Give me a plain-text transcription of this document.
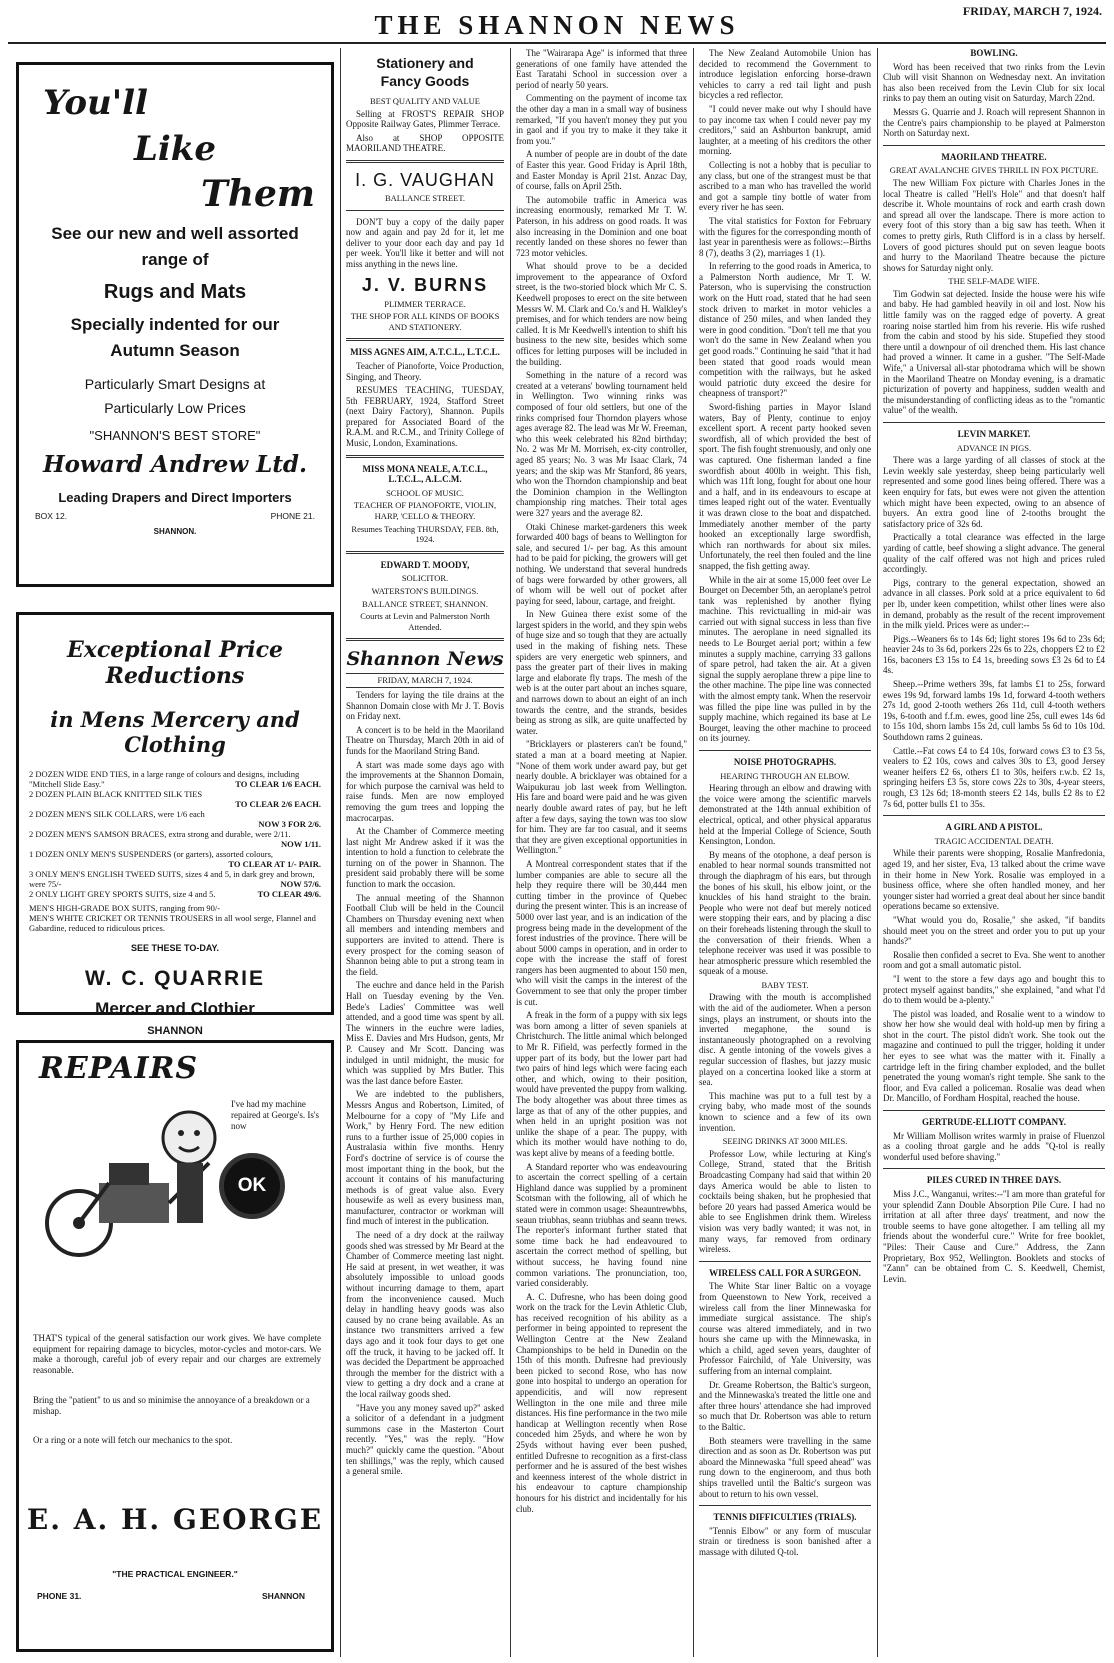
THE SHANNON NEWS	FRIDAY, MARCH 7, 1924.
You'll
Like
Them
See our new and well assorted range of
Rugs and Mats
Specially indented for our Autumn Season
Particularly Smart Designs at Particularly Low Prices
"SHANNON'S BEST STORE"
Howard Andrew Ltd.
Leading Drapers and Direct Importers
BOX 12.	PHONE 21.
SHANNON.
Exceptional Price Reductions
in Mens Mercery and Clothing
2 DOZEN WIDE END TIES, in a large range of colours and designs, including "Mitchell Slide Easy."	TO CLEAR 1/6 EACH.
2 DOZEN PLAIN BLACK KNITTED SILK TIES

TO CLEAR 2/6 EACH.
2 DOZEN MEN'S SILK COLLARS, were 1/6 each

NOW 3 FOR 2/6.
2 DOZEN MEN'S SAMSON BRACES, extra strong and durable, were 2/11.
NOW 1/11.
1 DOZEN ONLY MEN'S SUSPENDERS (or garters), assorted colours,
TO CLEAR AT 1/- PAIR.
3 ONLY MEN'S ENGLISH TWEED SUITS, sizes 4 and 5, in dark grey and brown, were 75/-	NOW 57/6.
2 ONLY LIGHT GREY SPORTS SUITS, size 4 and 5.	TO CLEAR 49/6.
MEN'S HIGH-GRADE BOX SUITS, ranging from 90/-
MEN'S WHITE CRICKET OR TENNIS TROUSERS in all wool serge, Flannel and Gabardine, reduced to ridiculous prices.
SEE THESE TO-DAY.
W. C. QUARRIE
Mercer and Clothier
SHANNON
REPAIRS
OK
I've had my machine repaired at George's. Is's now
THAT'S typical of the general satisfaction our work gives. We have complete equipment for repairing damage to bicycles, motor-cycles and motor-cars. We make a thorough, careful job of every repair and our charges are extremely reasonable.
Bring the "patient" to us and so minimise the annoyance of a breakdown or a mishap.
Or a ring or a note will fetch our mechanics to the spot.
E. A. H. GEORGE
"THE PRACTICAL ENGINEER."
PHONE 31.	SHANNON
Stationery and
Fancy Goods
BEST QUALITY AND VALUE

Selling at FROST'S REPAIR SHOP Opposite Railway Gates, Plimmer Terrace.

Also at SHOP OPPOSITE MAORILAND THEATRE.

I. G. VAUGHAN
BALLANCE STREET.

DON'T buy a copy of the daily paper now and again and pay 2d for it, let me deliver to your door each day and pay 1d per week. You'll like it better and will not miss anything in the news line.

J. V. BURNS
PLIMMER TERRACE.
THE SHOP FOR ALL KINDS OF BOOKS AND STATIONERY.
MISS AGNES AIM, A.T.C.L., L.T.C.L.

Teacher of Pianoforte, Voice Production, Singing, and Theory.

RESUMES TEACHING, TUESDAY, 5th FEBRUARY, 1924, Stafford Street (next Dairy Factory), Shannon. Pupils prepared for Associated Board of the R.A.M. and R.C.M., and Trinity College of Music, London, Examinations.

MISS MONA NEALE, A.T.C.L., L.T.C.L., A.L.C.M.
SCHOOL OF MUSIC.
TEACHER OF PIANOFORTE, VIOLIN, HARP, 'CELLO & THEORY.
Resumes Teaching THURSDAY, FEB. 8th, 1924.
EDWARD T. MOODY,
SOLICITOR.
WATERSTON'S BUILDINGS.
BALLANCE STREET, SHANNON.
Courts at Levin and Palmerston North Attended.
Shannon News
FRIDAY, MARCH 7, 1924.

Tenders for laying the tile drains at the Shannon Domain close with Mr J. T. Bovis on Friday next.

A concert is to be held in the Maoriland Theatre on Thursday, March 20th in aid of funds for the Maoriland String Band.

A start was made some days ago with the improvements at the Shannon Domain, for which purpose the carnival was held to raise funds. Men are now employed removing the gum trees and lopping the macrocarpas.

At the Chamber of Commerce meeting last night Mr Andrew asked if it was the intention to hold a function to celebrate the turning on of the power in Shannon. The president said probably there will be some function to mark the occasion.

The annual meeting of the Shannon Football Club will be held in the Council Chambers on Thursday evening next when all members and intending members and supporters are invited to attend. There is every prospect for the coming season of Shannon being able to put a strong team in the field.

The euchre and dance held in the Parish Hall on Tuesday evening by the Ven. Bede's Ladies' Committee was well attended, and a good time was spent by all. The winners in the euchre were ladies, Miss E. Davies and Mrs Hudson, gents, Mr P. Causey and Mr Scott. Dancing was indulged in until midnight, the music for which was supplied by Mrs Butler. This was the last dance before Easter.

We are indebted to the publishers, Messrs Angus and Robertson, Limited, of Melbourne for a copy of "My Life and Work," by Henry Ford. The new edition runs to a further issue of 25,000 copies in Australasia within five months. Henry Ford's doctrine of service is of course the most important thing in the book, but the account it contains of his manufacturing methods is of great value also. Every housewife as well as every business man, manufacturer, contractor or workman will find much of interest in the publication.

The need of a dry dock at the railway goods shed was stressed by Mr Beard at the Chamber of Commerce meeting last night. He said at present, in wet weather, it was absolutely impossible to unload goods without incurring damage to them, apart from the inconvenience caused. Much delay in handling heavy goods was also caused by no crane being available. As an instance two transmitters arrived a few days ago and it took four days to get one off the truck, it having to be jacked off. It was decided the Department be approached through the member for the district with a view to getting a dry dock and a crane at the local railway goods shed.

"Have you any money saved up?" asked a solicitor of a defendant in a judgment summons case in the Masterton Court recently. "Yes," was the reply. "How much?" quickly came the question. "About ten shillings," was the reply, which caused a general smile.

The "Wairarapa Age" is informed that three generations of one family have attended the East Taratahi School in succession over a period of nearly 50 years.

Commenting on the payment of income tax the other day a man in a small way of business remarked, "If you haven't money they put you in gaol and if you try to make it they take it from you."

A number of people are in doubt of the date of Easter this year. Good Friday is April 18th, and Easter Monday is April 21st. Anzac Day, of course, falls on April 25th.

The automobile traffic in America was increasing enormously, remarked Mr T. W. Paterson, in his address on good roads. It was also increasing in the Dominion and one boat recently landed on these shores no fewer than 723 motor vehicles.

What should prove to be a decided improvement to the appearance of Oxford street, is the two-storied block which Mr C. S. Keedwell proposes to erect on the site between Messrs W. M. Clark and Co.'s and H. Walkley's premises, and for which tenders are now being called. It is Mr Keedwell's intention to shift his business to the new site, besides which some offices for letting purposes will be included in the building.

Something in the nature of a record was created at a veterans' bowling tournament held in Wellington. Two winning rinks was composed of four old settlers, but one of the rinks comprised four Thorndon players whose ages average 82. The lead was Mr W. Freeman, who this week celebrated his 82nd birthday; No. 2 was Mr M. Morriseh, ex-city controller, aged 85 years; No. 3 was Mr Isaac Clark, 74 years; and the skip was Mr Stanford, 86 years, who won the Thorndon championship and beat the Dominion champion in the Wellington championship ring matches. Their total ages were 327 years and the average 82.

Otaki Chinese market-gardeners this week forwarded 400 bags of beans to Wellington for sale, and secured 1/- per bag. As this amount had to be paid for picking, the growers will get nothing. We understand that several hundreds of bags were forwarded by other growers, all of whom will be well out of pocket after paying for seed, labour, cartage, and freight.

In New Guinea there exist some of the largest spiders in the world, and they spin webs of huge size and so tough that they are actually used in the making of fishing nets. These spiders are very energetic web spinners, and pass the greater part of their lives in making large and elaborate fly traps. The mesh of the web is at the outer part about an inches square, and narrows down to about an eight of an inch towards the centre, and the strands, besides being as strong as silk, are quite unaffected by water.

"Bricklayers or plasterers can't be found," stated a man at a board meeting at Napier. "None of them work under award pay, but get nearly double. A bricklayer was obtained for a Waipukurau job last week from Wellington. His fare and board were paid and he was given nearly double award rates of pay, but he left after a few days, saying the town was too slow for him. They are far too casual, and it seems that they are given exceptional opportunities in Wellington."

A Montreal correspondent states that if the lumber companies are able to secure all the help they require there will be 30,444 men cutting timber in the province of Quebec during the present winter. This is an increase of 5000 over last year, and is an indication of the progress being made in the development of the forest industries of the province. There will be about 5000 camps in operation, and in order to cope with the increase the staff of forest rangers has been augmented to about 150 men, who will visit the camps in the interest of the Government to see that only the proper timber is cut.

A freak in the form of a puppy with six legs was born among a litter of seven spaniels at Christchurch. The little animal which belonged to Mr R. Fifield, was perfectly formed in the upper part of its body, but the lower part had two pairs of hind legs which were facing each other, and which, owing to their position, would have prevented the puppy from walking. The body altogether was about three times as large as that of any of the other puppies, and when held in an upright position was not unlike the shape of a pear. The puppy, with which its mother would have nothing to do, was kept alive by means of a feeding bottle.

A Standard reporter who was endeavouring to ascertain the correct spelling of a certain Highland dance was supplied by a prominent Scotsman with the following, all of which he stated were in common usage: Sheauntrewbhs, seaun triubhas, seann triubhas and seann trews. The reporter's informant further stated that some time back he had endeavoured to ascertain the correct method of spelling, but without success, he having found nine common variations. The pronunciation, too, varied considerably.

A. C. Dufresne, who has been doing good work on the track for the Levin Athletic Club, has received recognition of his ability as a performer in being appointed to represent the Wellington Centre at the New Zealand Championships to be held in Dunedin on the 15th of this month. Dufresne had previously been picked to second Rose, who has now gone into hospital to undergo an operation for appendicitis, and will now represent Wellington in the one mile and three mile distances. His fine performance in the two mile handicap at Wellington recently when Rose conceded him 25yds, and where he won by 25yds without having ever been pushed, entitled Dufresne to recognition as a first-class performer and he is assured of the best wishes and keenness interest of the whole district in his endeavour to capture championship honours for his district and incidentally for his club.

The New Zealand Automobile Union has decided to recommend the Government to introduce legislation enforcing horse-drawn vehicles to carry a red tail light and push bicycles a red reflector.

"I could never make out why I should have to pay income tax when I could never pay my creditors," said an Ashburton bankrupt, amid laughter, at a meeting of his creditors the other morning.

Collecting is not a hobby that is peculiar to any class, but one of the strangest must be that ascribed to a man who has travelled the world and got a sample tiny bottle of water from every river he has seen.

The vital statistics for Foxton for February with the figures for the corresponding month of last year in parenthesis were as follows:--Births 8 (7), deaths 3 (2), marriages 1 (1).

In referring to the good roads in America, to a Palmerston North audience, Mr T. W. Paterson, who is supervising the construction work on the Hutt road, stated that he had seen stock driven to market in motor vehicles a distance of 250 miles, and when landed they were in good condition. "Don't tell me that you won't do the same in New Zealand when you get good roads." Continuing he said "that it had been stated that good roads would mean competition with the railways, but he asked would patriotic duty exceed the desire for cheapness of transport?"

Sword-fishing parties in Mayor Island waters, Bay of Plenty, continue to enjoy excellent sport. A recent party hooked seven swordfish, all of which provided the best of sport. The fish fought strenuously, and only one was captured. One fisherman landed a fine swordfish about 400lb in weight. This fish, which was 11ft long, fought for about one hour and a half, and in its endeavours to escape at times leaped right out of the water. Eventually it was drawn close to the boat and dispatched. Immediately another member of the party hooked an exceptionally large swordfish, which ran northwards for about six miles. Unfortunately, the reel then fouled and the line snapped, the fish getting away.

While in the air at some 15,000 feet over Le Bourget on December 5th, an aeroplane's petrol tank was replenished by another flying machine. This revictualling in mid-air was carried out with signal success in less than five minutes. The aeroplane in need signalled its needs to Le Bourget aerial port; within a few minutes a supply machine, carrying 33 gallons of spare petrol, had taken the air. At a given signal the supply aeroplane threw a pipe line to the other machine. The pipe line was connected with the almost empty tank. When the reservoir was filled the pipe line was pulled in by the supply machine, which regained its base at Le Bourget, leaving the other machine to proceed on its journey.

NOISE PHOTOGRAPHS.
HEARING THROUGH AN ELBOW.

Hearing through an elbow and drawing with the voice were among the scientific marvels demonstrated at the 14th annual exhibition of electrical, optical, and other physical apparatus held at the Imperial College of Science, South Kensington, London.

By means of the otophone, a deaf person is enabled to hear normal sounds transmitted not through the diaphragm of his ears, but through the bones of his skull, his elbow joint, or the knuckles of his hand straight to the brain. People who were not deaf but merely noticed were stopping their ears, and by placing a disc on their foreheads listening through the skull to the conversation of their friends. When a telephone receiver was used it was possible to hear atmospheric pressure which resembled the squeak of a mouse.

BABY TEST.

Drawing with the mouth is accomplished with the aid of the audiometer. When a person sings, plays an instrument, or shouts into the inverted megaphone, the sound is instantaneously photographed on a revolving disc. A gentle intoning of the vowels gives a regular succession of flashes, but jazzy music played on a concertina looked like a storm at sea.

This machine was put to a full test by a crying baby, who made most of the sounds known to science and a few of its own invention.

SEEING DRINKS AT 3000 MILES.

Professor Low, while lecturing at King's College, Strand, stated that the British Broadcasting Company had said that within 20 days America would be able to listen to cocktails being shaken, but he prophesied that before 20 years had passed America would be able to see Englishmen drink them. Wireless vision was very badly wanted; it was not, in many ways, far removed from ordinary wireless.

WIRELESS CALL FOR A SURGEON.

The White Star liner Baltic on a voyage from Queenstown to New York, received a wireless call from the liner Minnewaska for immediate surgical assistance. The ship's course was altered immediately, and in two hours she came up with the Minnewaska, in which a child, aged seven years, daughter of Professor Fairchild, of Yale University, was suffering from an internal complaint.

Dr. Greame Robertson, the Baltic's surgeon, and the Minnewaska's treated the little one and after three hours' attendance she had improved so much that Dr. Robertson was able to return to the Baltic.

Both steamers were travelling in the same direction and as soon as Dr. Robertson was put aboard the Minnewaska "full speed ahead" was rung down to the engineroom, and thus both ships travelled until the Baltic's surgeon was about to return to his own vessel.

TENNIS DIFFICULTIES (TRIALS).

"Tennis Elbow" or any form of muscular strain or tiredness is soon banished after a massage with diluted Q-tol.

BOWLING.

Word has been received that two rinks from the Levin Club will visit Shannon on Wednesday next. An invitation has also been received from the Levin Club for six local rinks to pay them an outing visit on Saturday, March 22nd.

Messrs G. Quarrie and J. Roach will represent Shannon in the Centre's pairs championship to be played at Palmerston North on Saturday next.

MAORILAND THEATRE.
GREAT AVALANCHE GIVES THRILL IN FOX PICTURE.

The new William Fox picture with Charles Jones in the local Theatre is called "Hell's Hole" and that doesn't half describe it. Whole mountains of rock and earth crash down and spread all over the landscape. There is more action to every foot of this story than a big saw has teeth. When it comes to pretty girls, Ruth Clifford is in a class by herself. Lovers of good pictures should put on seven league boots and hurry to the Maoriland Theatre because the picture shows for Saturday night only.

THE SELF-MADE WIFE.

Tim Godwin sat dejected. Inside the house were his wife and baby. He had gambled heavily in oil and lost. Now his little family was on the ragged edge of poverty. A great roaring noise startled him from his reverie. His wife rushed from the cabin and stood by his side. Stupefied they stood there until a downpour of oil drenched them. His last chance had proved a winner. It came in a gusher. "The Self-Made Wife," a Universal all-star photodrama which will be shown in the Maoriland Theatre on Monday evening, is a dramatic picturization of poverty and happiness, sudden wealth and the misunderstanding of conflicting ideas as to the "romantic value" of the wealth.

LEVIN MARKET.
ADVANCE IN PIGS.

There was a large yarding of all classes of stock at the Levin weekly sale yesterday, sheep being particularly well represented and some good lines being offered. There was a keen enquiry for fats, but ewes were not given the attention which might have been expected, owing to an absence of buyers. An extra good line of 2-tooths brought the satisfactory price of 32s 6d.

Practically a total clearance was effected in the large yarding of cattle, beef showing a slight advance. The general quality of the calf offered was not high and prices ruled accordingly.

Pigs, contrary to the general expectation, showed an advance in all classes. Pork sold at a price equivalent to 6d per lb, under keen competition, whilst other lines were also in demand, probably as the result of the recent improvement in the milk yield. Prices were as under:--

Pigs.--Weaners 6s to 14s 6d; light stores 19s 6d to 23s 6d; heavier 24s to 3s 6d, porkers 22s 6s to 22s, choppers £2 to £2 16s, baconers £3 15s to £4 1s, breeding sows £3 2s 6d to £4 4s.

Sheep.--Prime wethers 39s, fat lambs £1 to 25s, forward ewes 19s 9d, forward lambs 19s 1d, forward 4-tooth wethers 27s 1d, good 2-tooth wethers 26s 11d, cull 4-tooth wethers 19s, 6-tooth and f.f.m. ewes, good line 25s, cull ewes 14s 6d to 15s 10d, shorn lambs 15s 2d, cull lambs 5s 6d to 10s 10d. Southdown rams 2 guineas.

Cattle.--Fat cows £4 to £4 10s, forward cows £3 to £3 5s, vealers to £2 10s, cows and calves 30s to £3, good Jersey weaner heifers £2 6s, others £1 to 30s, heifers r.w.b. £2 1s, springing heifers £3 5s, store cows 22s to 30s, 4-year steers, rough, £3 12s 6d; 18-month steers £2 14s, bulls £2 8s to £2 7s 6d, potter bulls £1 to 35s.

A GIRL AND A PISTOL.
TRAGIC ACCIDENTAL DEATH.

While their parents were shopping, Rosalie Manfredonia, aged 19, and her sister, Eva, 13 talked about the crime wave in their home in New York. Rosalie was employed in a business office, where she often handled money, and her younger sister had worried a great deal about her since bandit operations became so extensive.

"What would you do, Rosalie," she asked, "if bandits should meet you on the street and order you to put up your hands?"

Rosalie then confided a secret to Eva. She went to another room and got a small automatic pistol.

"I went to the store a few days ago and bought this to protect myself against bandits," she explained, "and what I'd do to them would be a-plenty."

The pistol was loaded, and Rosalie went to a window to show her how she would deal with hold-up men by firing a shot in the court. The pistol didn't work. She took out the magazine and continued to pull the trigger, holding it under her eyes to see what was the matter with it. Finally a cartridge left in the firing chamber exploded, and the bullet penetrated the young woman's right temple. She sank to the floor, and Eva called a policeman. Rosalie was dead when Dr. Mancillo, of Fordham Hospital, reached the house.

GERTRUDE-ELLIOTT COMPANY.

Mr William Mollison writes warmly in praise of Fluenzol as a cooling throat gargle and he adds "Q-tol is really wonderful used before shaving."

PILES CURED IN THREE DAYS.

Miss J.C., Wanganui, writes:--"I am more than grateful for your splendid Zann Double Absorption Pile Cure. I had no irritation at all after three days' treatment, and now the trouble seems to have gone altogether. I am telling all my friends about the wonderful cure." Write for free booklet, "Piles: Their Cause and Cure." Address, the Zann Proprietary, Box 952, Wellington. Booklets and stocks of "Zann" can be obtained from C. S. Keedwell, Chemist, Levin.
